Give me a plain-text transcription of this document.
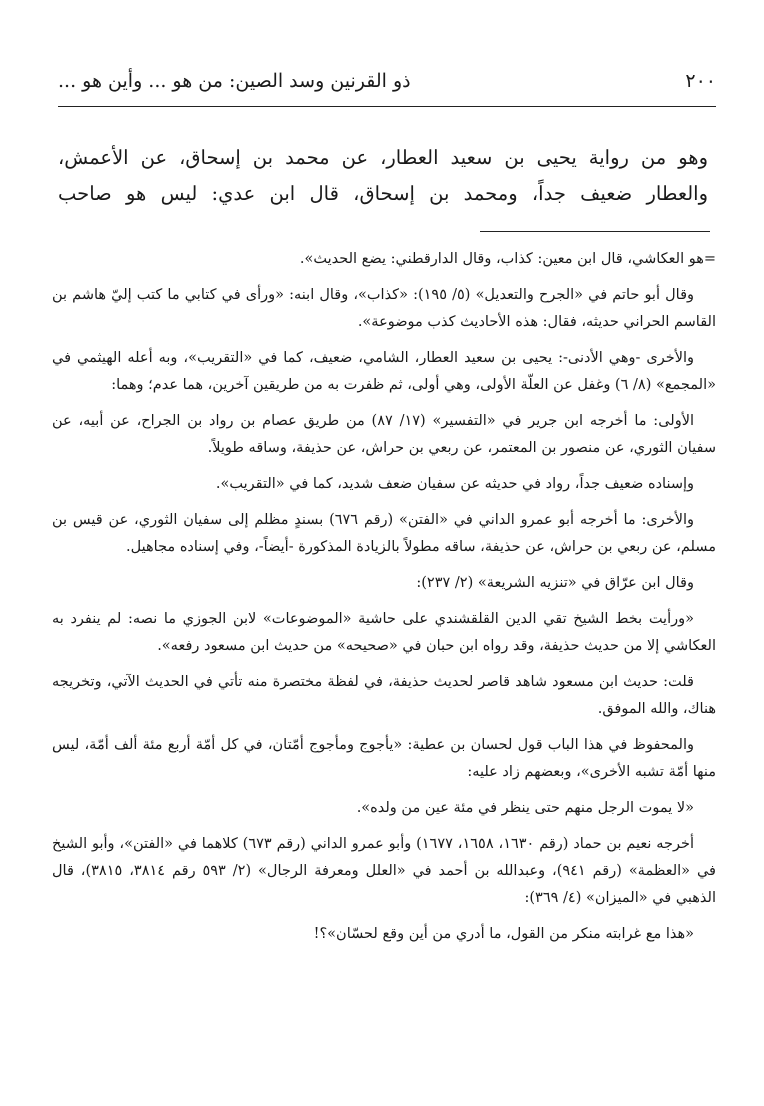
ذو القرنين وسد الصين: من هو ... وأين هو ...	٢٠٠

وهو من رواية يحيى بن سعيد العطار، عن محمد بن إسحاق، عن الأعمش،

والعطار ضعيف جداً، ومحمد بن إسحاق، قال ابن عدي: ليس هو صاحب

=هو العكاشي، قال ابن معين: كذاب، وقال الدارقطني: يضع الحديث».

وقال أبو حاتم في «الجرح والتعديل» (٥/ ١٩٥): «كذاب»، وقال ابنه: «ورأى في كتابي ما كتب إليّ هاشم بن القاسم الحراني حديثه، فقال: هذه الأحاديث كذب موضوعة».

والأخرى -وهي الأدنى-: يحيى بن سعيد العطار، الشامي، ضعيف، كما في «التقريب»، وبه أعله الهيثمي في «المجمع» (٨/ ٦) وغفل عن العلّة الأولى، وهي أولى، ثم ظفرت به من طريقين آخرين، هما عدم؛ وهما:

الأولى: ما أخرجه ابن جرير في «التفسير» (١٧/ ٨٧) من طريق عصام بن رواد بن الجراح، عن أبيه، عن سفيان الثوري، عن منصور بن المعتمر، عن ربعي بن حراش، عن حذيفة، وساقه طويلاً.

وإسناده ضعيف جداً، رواد في حديثه عن سفيان ضعف شديد، كما في «التقريب».

والأخرى: ما أخرجه أبو عمرو الداني في «الفتن» (رقم ٦٧٦) بسندٍ مظلم إلى سفيان الثوري، عن قيس بن مسلم، عن ربعي بن حراش، عن حذيفة، ساقه مطولاً بالزيادة المذكورة -أيضاً-، وفي إسناده مجاهيل.

وقال ابن عرّاق في «تنزيه الشريعة» (٢/ ٢٣٧):

«ورأيت بخط الشيخ تقي الدين القلقشندي على حاشية «الموضوعات» لابن الجوزي ما نصه: لم ينفرد به العكاشي إلا من حديث حذيفة، وقد رواه ابن حبان في «صحيحه» من حديث ابن مسعود رفعه».

قلت: حديث ابن مسعود شاهد قاصر لحديث حذيفة، في لفظة مختصرة منه تأتي في الحديث الآتي، وتخريجه هناك، والله الموفق.

والمحفوظ في هذا الباب قول لحسان بن عطية: «يأجوج ومأجوج أمّتان، في كل أمّة أربع مئة ألف أمّة، ليس منها أمّة تشبه الأخرى»، وبعضهم زاد عليه:

«لا يموت الرجل منهم حتى ينظر في مئة عين من ولده».

أخرجه نعيم بن حماد (رقم ١٦٣٠، ١٦٥٨، ١٦٧٧) وأبو عمرو الداني (رقم ٦٧٣) كلاهما في «الفتن»، وأبو الشيخ في «العظمة» (رقم ٩٤١)، وعبدالله بن أحمد في «العلل ومعرفة الرجال» (٢/ ٥٩٣ رقم ٣٨١٤، ٣٨١٥)، قال الذهبي في «الميزان» (٤/ ٣٦٩):

«هذا مع غرابته منكر من القول، ما أدري من أين وقع لحسّان»؟!
